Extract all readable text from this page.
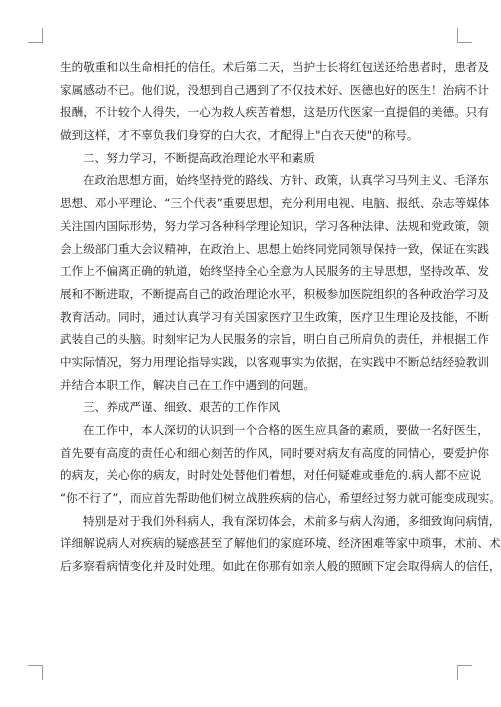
生的敬重和以生命相托的信任。术后第二天，当护士长将红包送还给患者时，患者及
家属感动不已。他们说，没想到自己遇到了不仅技术好、医德也好的医生！治病不计
报酬，不计较个人得失，一心为救人疾苦着想，这是历代医家一直提倡的美德。只有
做到这样，才不辜负我们身穿的白大衣，才配得上"白衣天使"的称号。
二、努力学习，不断提高政治理论水平和素质
在政治思想方面，始终坚持党的路线、方针、政策，认真学习马列主义、毛泽东
思想、邓小平理论、“三个代表”重要思想，充分利用电视、电脑、报纸、杂志等媒体
关注国内国际形势，努力学习各种科学理论知识，学习各种法律、法规和党政策，领
会上级部门重大会议精神，在政治上、思想上始终同党同领导保持一致，保证在实践
工作上不偏离正确的轨道，始终坚持全心全意为人民服务的主导思想，坚持改革、发
展和不断进取，不断提高自己的政治理论水平，积极参加医院组织的各种政治学习及
教育活动。同时，通过认真学习有关国家医疗卫生政策，医疗卫生理论及技能，不断
武装自己的头脑。时刻牢记为人民服务的宗旨，明白自己所肩负的责任，并根据工作
中实际情况，努力用理论指导实践，以客观事实为依据，在实践中不断总结经验教训
并结合本职工作，解决自己在工作中遇到的问题。
三、养成严谨、细致、艰苦的工作作风
在工作中，本人深切的认识到一个合格的医生应具备的素质，要做一名好医生，
首先要有高度的责任心和细心刻苦的作风，同时要对病友有高度的同情心，要爱护你
的病友，关心你的病友，时时处处替他们着想，对任何疑难或垂危的.病人都不应说
“你不行了”，而应首先帮助他们树立战胜疾病的信心，希望经过努力就可能变成现实。
特别是对于我们外科病人，我有深切体会，术前多与病人沟通，多细致询问病情，
详细解说病人对疾病的疑惑甚至了解他们的家庭环境、经济困难等家中琐事，术前、术
后多察看病情变化并及时处理。如此在你那有如亲人般的照顾下定会取得病人的信任，
